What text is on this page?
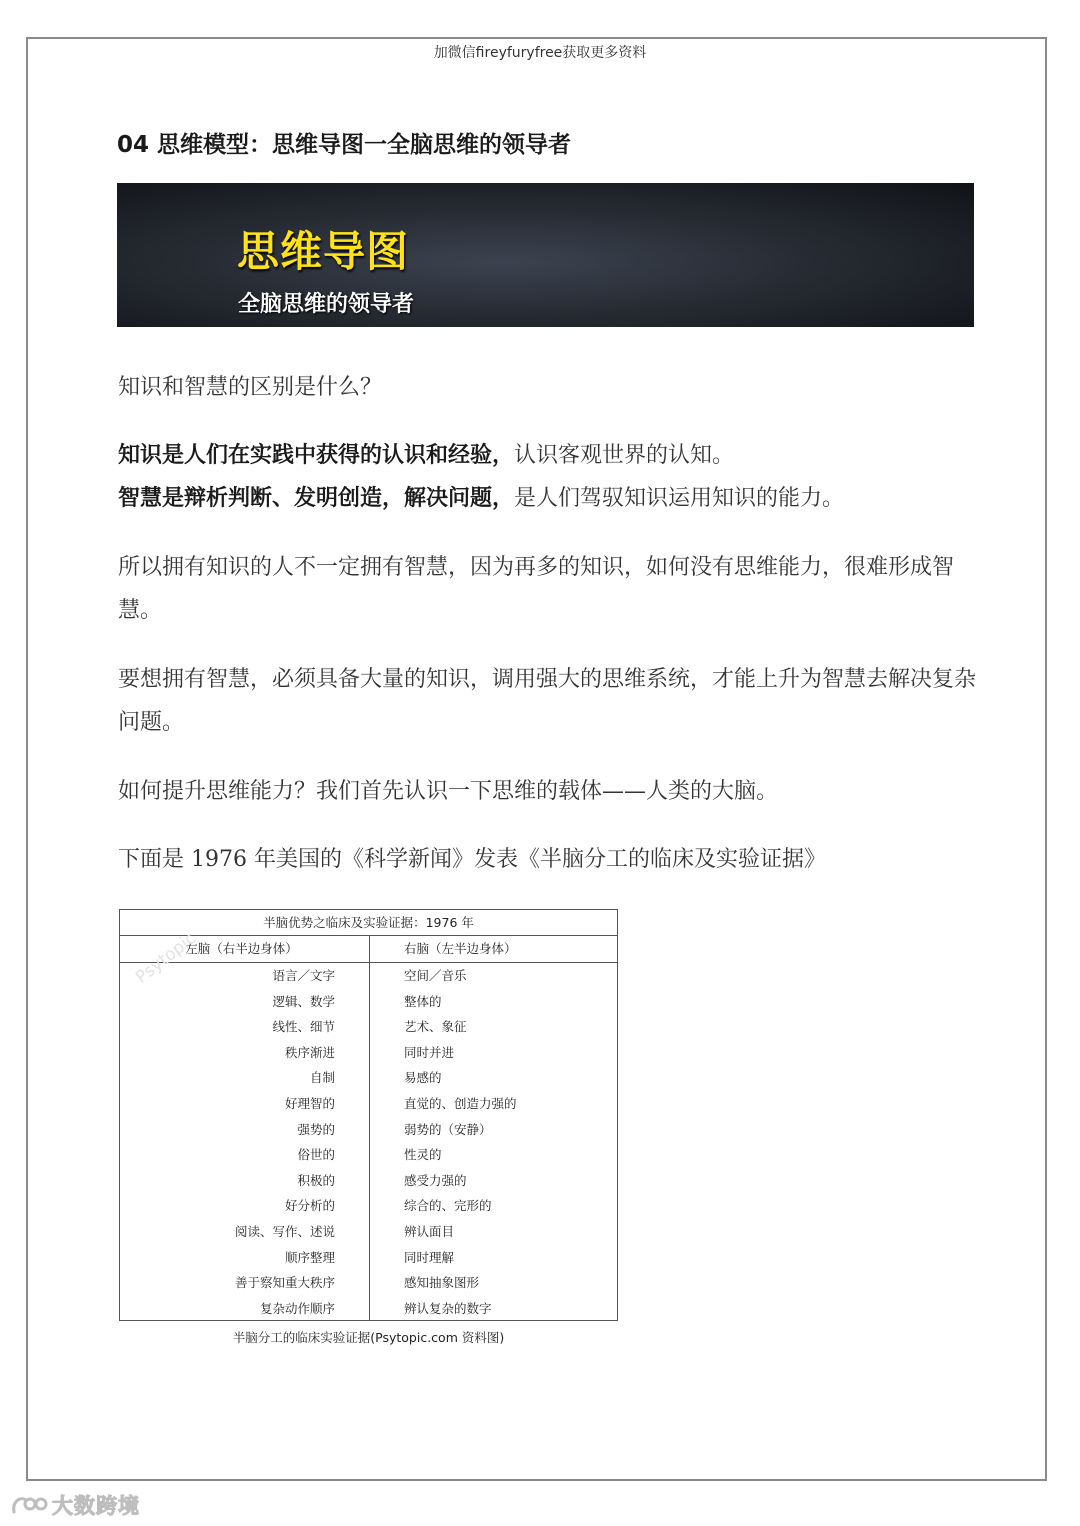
加微信fireyfuryfree获取更多资料
04 思维模型：思维导图一全脑思维的领导者
思维导图
全脑思维的领导者

知识和智慧的区别是什么？

知识是人们在实践中获得的认识和经验，认识客观世界的认知。

智慧是辩析判断、发明创造，解决问题，是人们驾驭知识运用知识的能力。

所以拥有知识的人不一定拥有智慧，因为再多的知识，如何没有思维能力，很难形成智慧。

要想拥有智慧，必须具备大量的知识，调用强大的思维系统，才能上升为智慧去解决复杂问题。

如何提升思维能力？我们首先认识一下思维的载体——人类的大脑。

下面是 1976 年美国的《科学新闻》发表《半脑分工的临床及实验证据》

半脑优势之临床及实验证据：1976 年
左脑（右半边身体）	右脑（左半边身体）
语言／文字
逻辑、数学
线性、细节
秩序渐进
自制
好理智的
强势的
俗世的
积极的
好分析的
阅读、写作、述说
顺序整理
善于察知重大秩序
复杂动作顺序
空间／音乐
整体的
艺术、象征
同时并进
易感的
直觉的、创造力强的
弱势的（安静）
性灵的
感受力强的
综合的、完形的
辨认面目
同时理解
感知抽象图形
辨认复杂的数字
Psytopic
半脑分工的临床实验证据(Psytopic.com 资料图)
大数跨境
